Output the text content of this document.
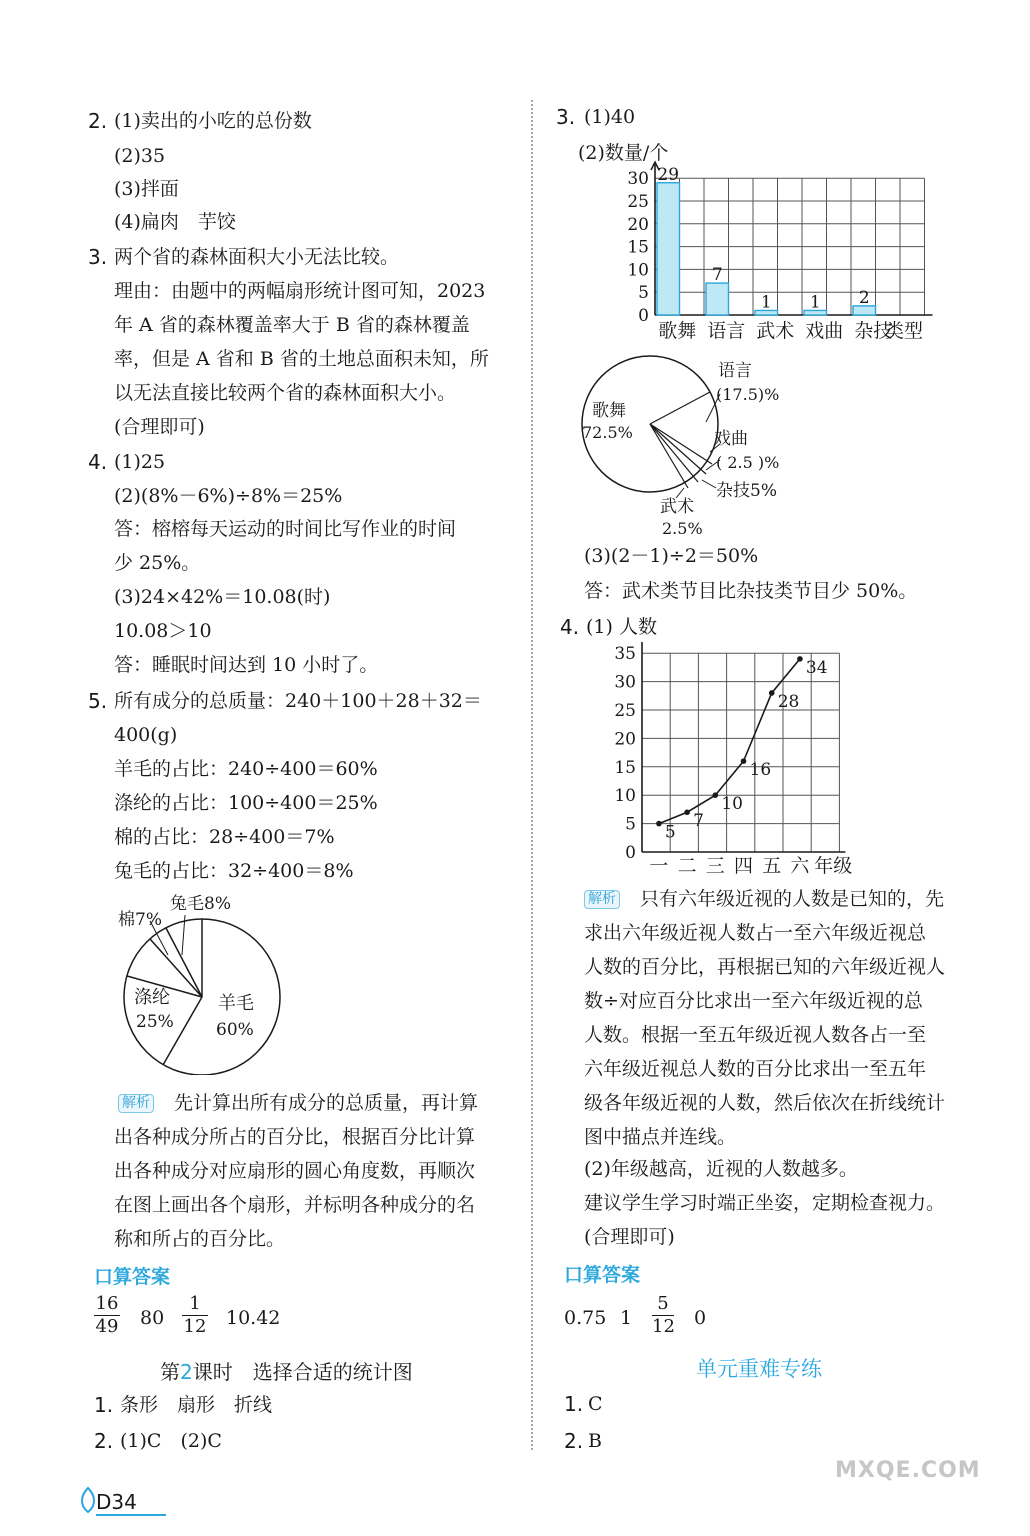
2. (1)卖出的小吃的总份数
(2)35
(3)拌面
(4)扁肉　芋饺
3. 两个省的森林面积大小无法比较。
理由：由题中的两幅扇形统计图可知，2023
年 A 省的森林覆盖率大于 B 省的森林覆盖
率，但是 A 省和 B 省的土地总面积未知，所
以无法直接比较两个省的森林面积大小。
(合理即可)
4. (1)25
(2)(8%－6%)÷8%＝25%
答：榕榕每天运动的时间比写作业的时间
少 25%。
(3)24×42%＝10.08(时)
10.08＞10
答：睡眠时间达到 10 小时了。
5. 所有成分的总质量：240＋100＋28＋32＝
400(g)
羊毛的占比：240÷400＝60%
涤纶的占比：100÷400＝25%
棉的占比：28÷400＝7%
兔毛的占比：32÷400＝8%
兔毛8%
棉7%
涤纶
25%
羊毛
60%
解析 先计算出所有成分的总质量，再计算
出各种成分所占的百分比，根据百分比计算
出各种成分对应扇形的圆心角度数，再顺次
在图上画出各个扇形，并标明各种成分的名
称和所占的百分比。
口算答案
16
49 80
1
12 10.42
第2课时　选择合适的统计图
1. 条形　扇形　折线
2. (1)C　(2)C
3. (1)40
(2)数量/个
0
5
10
15
20
25
30 29
歌舞
7
语言
1
武术
1
戏曲
2
杂技
类型
语言
(17.5)%
歌舞
72.5%	戏曲
( 2.5 )%
杂技5%
武术
2.5%
(3)(2－1)÷2＝50%
答：武术类节目比杂技类节目少 50%。
4. (1) 人数
0
5
10
15
20
25
30
35
5
7
10
16
28
34
一 二 三 四 五 六 年级
解析 只有六年级近视的人数是已知的，先
求出六年级近视人数占一至六年级近视总
人数的百分比，再根据已知的六年级近视人
数÷对应百分比求出一至六年级近视的总
人数。根据一至五年级近视人数各占一至
六年级近视总人数的百分比求出一至五年
级各年级近视的人数，然后依次在折线统计
图中描点并连线。
(2)年级越高，近视的人数越多。
建议学生学习时端正坐姿，定期检查视力。
(合理即可)
口算答案
0.75 1
5
12 0
单元重难专练
1. C
2. B
D34
MXQE.COM
